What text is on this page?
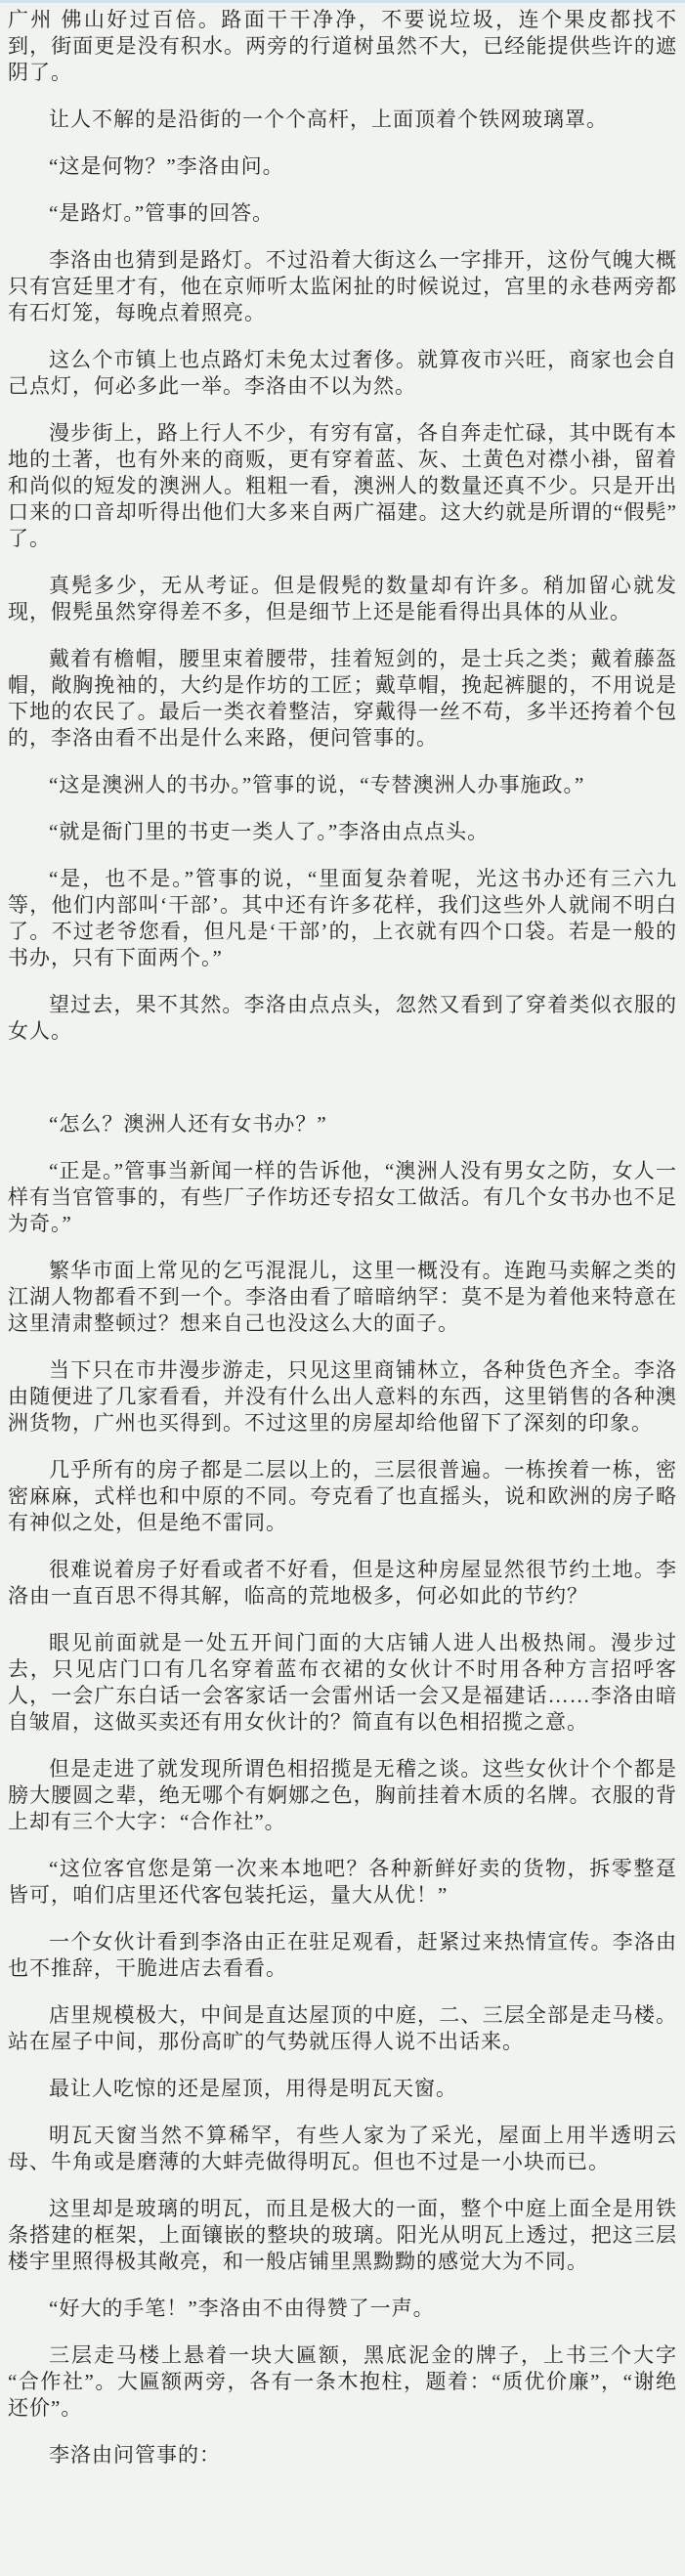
广州 佛山好过百倍。路面干干净净，不要说垃圾，连个果皮都找不到，街面更是没有积水。两旁的行道树虽然不大，已经能提供些许的遮阴了。

让人不解的是沿街的一个个高杆，上面顶着个铁网玻璃罩。

“这是何物？”李洛由问。

“是路灯。”管事的回答。

李洛由也猜到是路灯。不过沿着大街这么一字排开，这份气魄大概只有宫廷里才有，他在京师听太监闲扯的时候说过，宫里的永巷两旁都有石灯笼，每晚点着照亮。

这么个市镇上也点路灯未免太过奢侈。就算夜市兴旺，商家也会自己点灯，何必多此一举。李洛由不以为然。

漫步街上，路上行人不少，有穷有富，各自奔走忙碌，其中既有本地的土著，也有外来的商贩，更有穿着蓝、灰、土黄色对襟小褂，留着和尚似的短发的澳洲人。粗粗一看，澳洲人的数量还真不少。只是开出口来的口音却听得出他们大多来自两广福建。这大约就是所谓的“假髡”了。

真髡多少，无从考证。但是假髡的数量却有许多。稍加留心就发现，假髡虽然穿得差不多，但是细节上还是能看得出具体的从业。

戴着有檐帽，腰里束着腰带，挂着短剑的，是士兵之类；戴着藤盔帽，敞胸挽袖的，大约是作坊的工匠；戴草帽，挽起裤腿的，不用说是下地的农民了。最后一类衣着整洁，穿戴得一丝不苟，多半还挎着个包的，李洛由看不出是什么来路，便问管事的。

“这是澳洲人的书办。”管事的说，“专替澳洲人办事施政。”

“就是衙门里的书吏一类人了。”李洛由点点头。

“是，也不是。”管事的说，“里面复杂着呢，光这书办还有三六九等，他们内部叫‘干部’。其中还有许多花样，我们这些外人就闹不明白了。不过老爷您看，但凡是‘干部’的，上衣就有四个口袋。若是一般的书办，只有下面两个。”

望过去，果不其然。李洛由点点头，忽然又看到了穿着类似衣服的女人。

“怎么？澳洲人还有女书办？”

“正是。”管事当新闻一样的告诉他，“澳洲人没有男女之防，女人一样有当官管事的，有些厂子作坊还专招女工做活。有几个女书办也不足为奇。”

繁华市面上常见的乞丐混混儿，这里一概没有。连跑马卖解之类的江湖人物都看不到一个。李洛由看了暗暗纳罕：莫不是为着他来特意在这里清肃整顿过？想来自己也没这么大的面子。

当下只在市井漫步游走，只见这里商铺林立，各种货色齐全。李洛由随便进了几家看看，并没有什么出人意料的东西，这里销售的各种澳洲货物，广州也买得到。不过这里的房屋却给他留下了深刻的印象。

几乎所有的房子都是二层以上的，三层很普遍。一栋挨着一栋，密密麻麻，式样也和中原的不同。夸克看了也直摇头，说和欧洲的房子略有神似之处，但是绝不雷同。

很难说着房子好看或者不好看，但是这种房屋显然很节约土地。李洛由一直百思不得其解，临高的荒地极多，何必如此的节约？

眼见前面就是一处五开间门面的大店铺人进人出极热闹。漫步过去，只见店门口有几名穿着蓝布衣裙的女伙计不时用各种方言招呼客人，一会广东白话一会客家话一会雷州话一会又是福建话……李洛由暗自皱眉，这做买卖还有用女伙计的？简直有以色相招揽之意。

但是走进了就发现所谓色相招揽是无稽之谈。这些女伙计个个都是膀大腰圆之辈，绝无哪个有婀娜之色，胸前挂着木质的名牌。衣服的背上却有三个大字：“合作社”。

“这位客官您是第一次来本地吧？各种新鲜好卖的货物，拆零整趸皆可，咱们店里还代客包装托运，量大从优！”

一个女伙计看到李洛由正在驻足观看，赶紧过来热情宣传。李洛由也不推辞，干脆进店去看看。

店里规模极大，中间是直达屋顶的中庭，二、三层全部是走马楼。站在屋子中间，那份高旷的气势就压得人说不出话来。

最让人吃惊的还是屋顶，用得是明瓦天窗。

明瓦天窗当然不算稀罕，有些人家为了采光，屋面上用半透明云母、牛角或是磨薄的大蚌壳做得明瓦。但也不过是一小块而已。

这里却是玻璃的明瓦，而且是极大的一面，整个中庭上面全是用铁条搭建的框架，上面镶嵌的整块的玻璃。阳光从明瓦上透过，把这三层楼宇里照得极其敞亮，和一般店铺里黑黝黝的感觉大为不同。

“好大的手笔！”李洛由不由得赞了一声。

三层走马楼上悬着一块大匾额，黑底泥金的牌子，上书三个大字“合作社”。大匾额两旁，各有一条木抱柱，题着：“质优价廉”，“谢绝还价”。

李洛由问管事的：
